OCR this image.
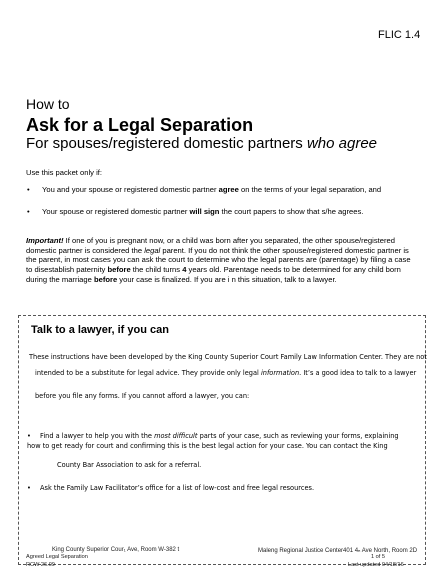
FLIC 1.4
How to
Ask for a Legal Separation
For spouses/registered domestic partners who agree
Use this packet only if:
• You and your spouse or registered domestic partner agree on the terms of your legal separation, and
• Your spouse or registered domestic partner will sign the court papers to show that s/he agrees.
Important! If one of you is pregnant now, or a child was born after you separated, the other spouse/registered domestic partner is considered the legal parent. If you do not think the other spouse/registered domestic partner is the parent, in most cases you can ask the court to determine who the legal parents are (parentage) by filing a case to disestablish paternity before the child turns 4 years old. Parentage needs to be determined for any child born during the marriage before your case is finalized. If you are i n this situation, talk to a lawyer.
Talk to a lawyer, if you can
These instructions have been developed by the King County Superior Court Family Law Information Center. They are not
intended to be a substitute for legal advice. They provide only legal information. It’s a good idea to talk to a lawyer
before you file any forms. If you cannot afford a lawyer, you can:
• Find a lawyer to help you with the most difficult parts of your case, such as reviewing your forms, explaining
how to get ready for court and confirming this is the best legal action for your case. You can contact the King
County Bar Association to ask for a referral.
• Ask the Family Law Facilitator’s office for a list of low-cost and free legal resources.
King County Superior Cour₁ Ave, Room W-382 t	Maleng Regional Justice Center401 4ₙ Ave North, Room 2D
Agreed Legal Separation	1 of 5
RCW 26.09	Last updated 04/18/16
